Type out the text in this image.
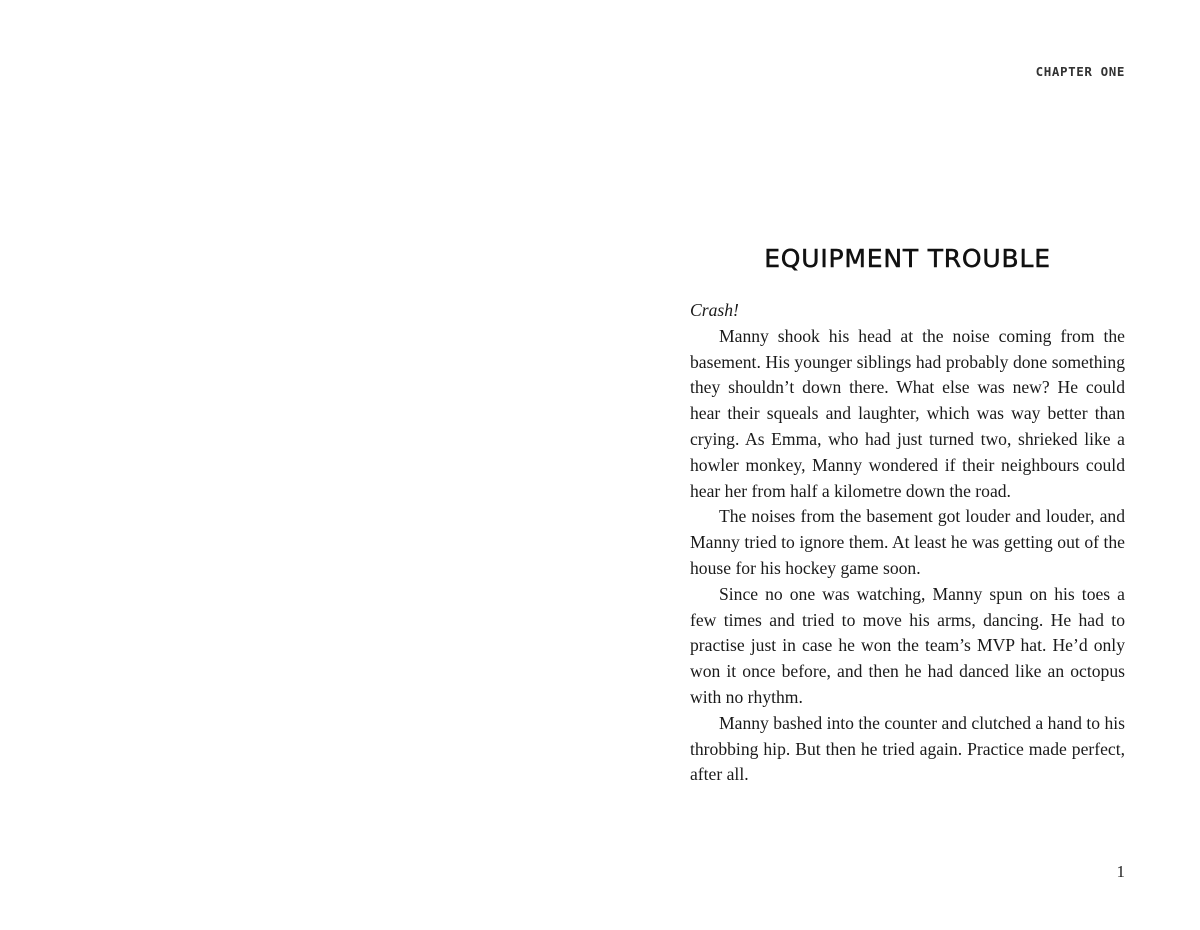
CHAPTER ONE

EQUIPMENT TROUBLE

Crash!

Manny shook his head at the noise coming from the basement. His younger siblings had probably done something they shouldn’t down there. What else was new? He could hear their squeals and laughter, which was way better than crying. As Emma, who had just turned two, shrieked like a howler monkey, Manny wondered if their neighbours could hear her from half a kilometre down the road.

The noises from the basement got louder and louder, and Manny tried to ignore them. At least he was getting out of the house for his hockey game soon.

Since no one was watching, Manny spun on his toes a few times and tried to move his arms, dancing. He had to practise just in case he won the team’s MVP hat. He’d only won it once before, and then he had danced like an octopus with no rhythm.

Manny bashed into the counter and clutched a hand to his throbbing hip. But then he tried again. Practice made perfect, after all.

1
